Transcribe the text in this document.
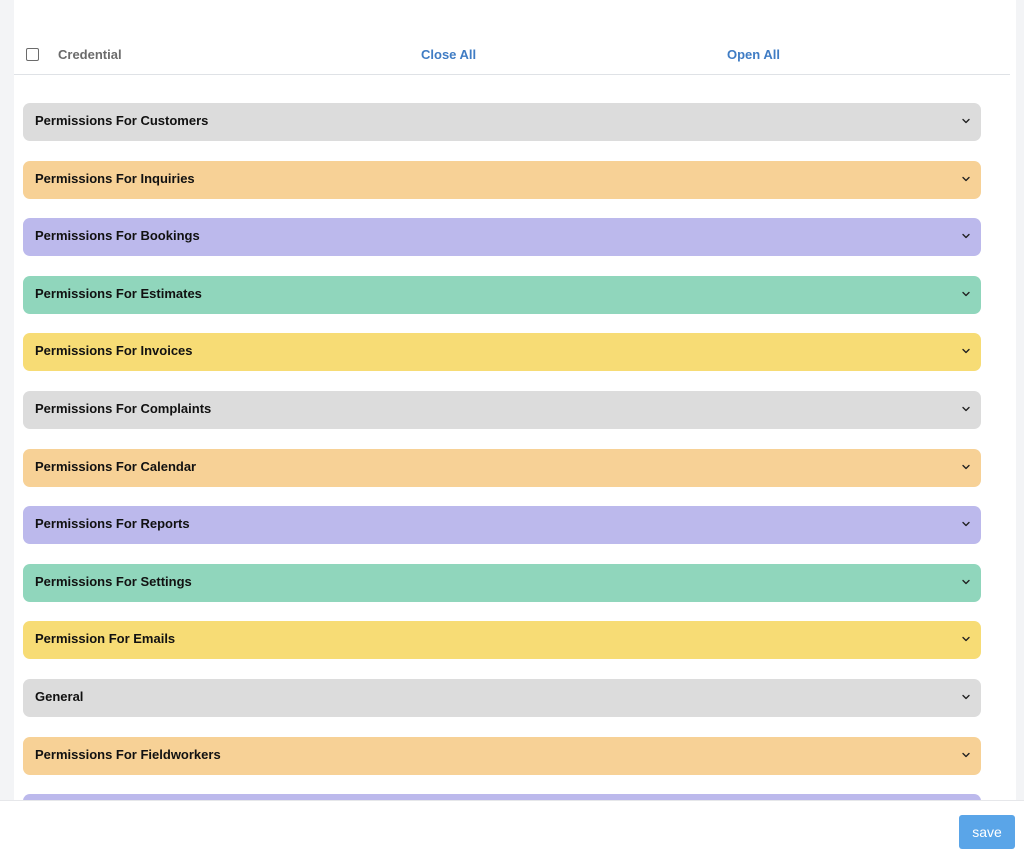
Credential	Close All	Open All
Permissions For Customers
Permissions For Inquiries
Permissions For Bookings
Permissions For Estimates
Permissions For Invoices
Permissions For Complaints
Permissions For Calendar
Permissions For Reports
Permissions For Settings
Permission For Emails
General
Permissions For Fieldworkers
save
